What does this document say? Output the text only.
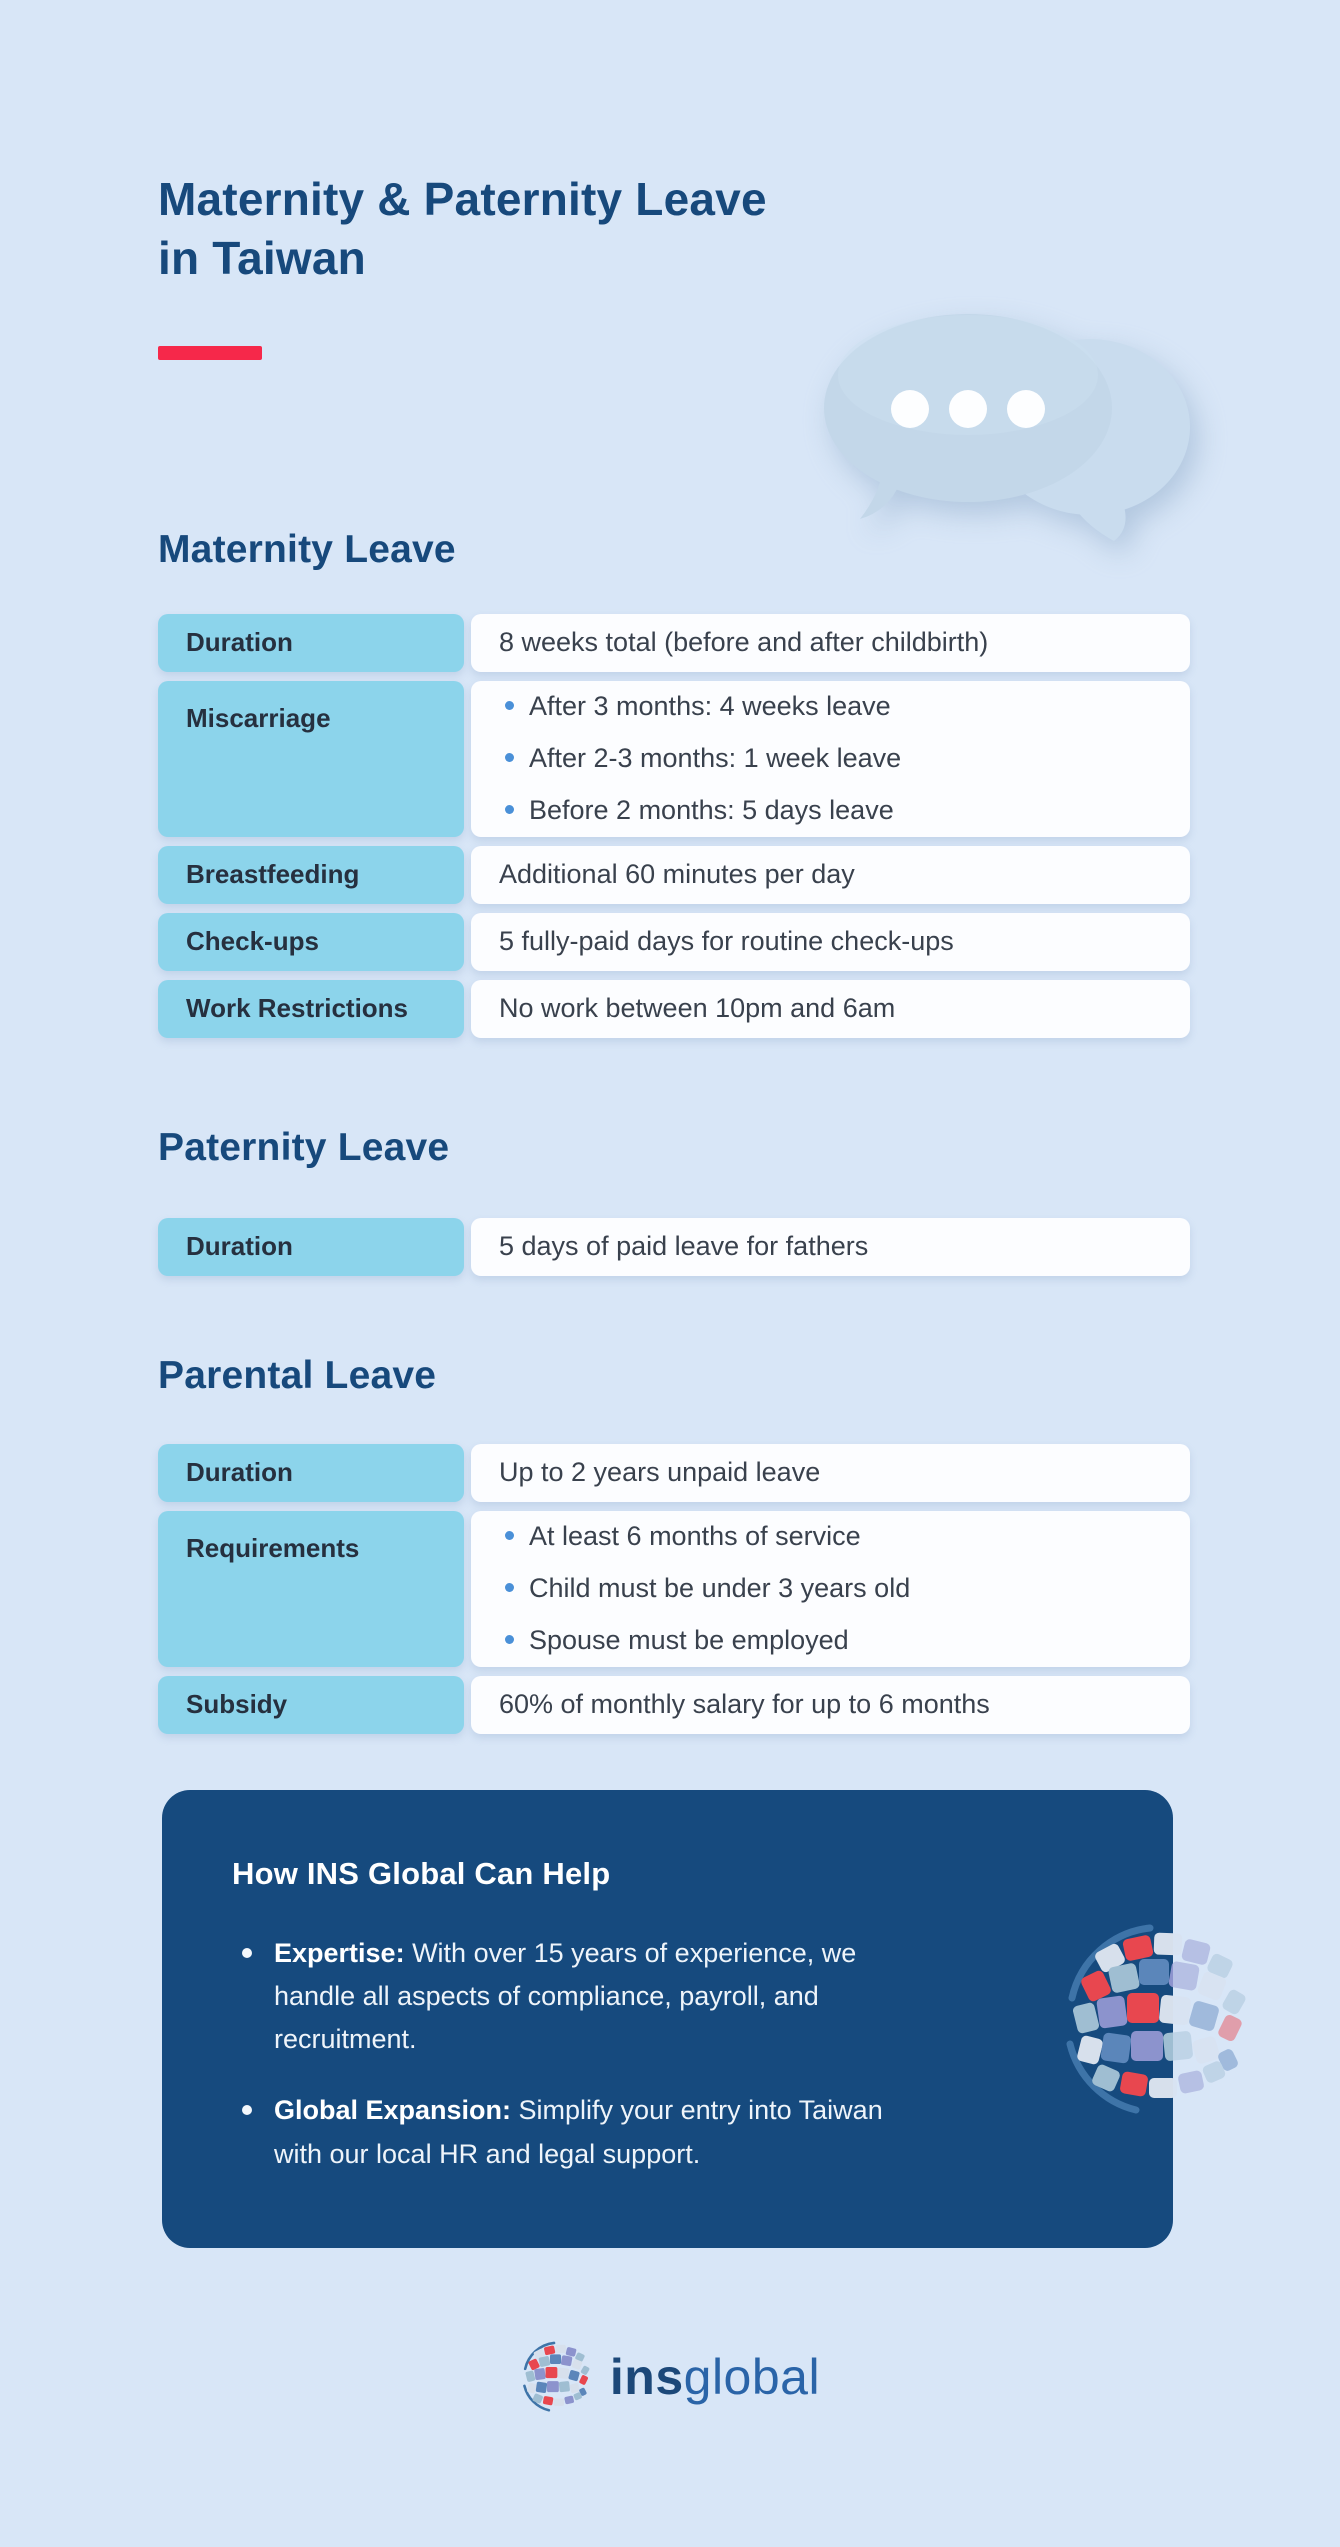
Maternity & Paternity Leave
in Taiwan
Maternity Leave
Duration	8 weeks total (before and after childbirth)
Miscarriage	After 3 months: 4 weeks leave
After 2-3 months: 1 week leave
Before 2 months: 5 days leave
Breastfeeding	Additional 60 minutes per day
Check-ups	5 fully-paid days for routine check-ups
Work Restrictions	No work between 10pm and 6am
Paternity Leave
Duration	5 days of paid leave for fathers
Parental Leave
Duration	Up to 2 years unpaid leave
Requirements	At least 6 months of service
Child must be under 3 years old
Spouse must be employed
Subsidy	60% of monthly salary for up to 6 months
How INS Global Can Help
Expertise: With over 15 years of experience, we handle all aspects of compliance, payroll, and recruitment.
Global Expansion: Simplify your entry into Taiwan with our local HR and legal support.
ins global
